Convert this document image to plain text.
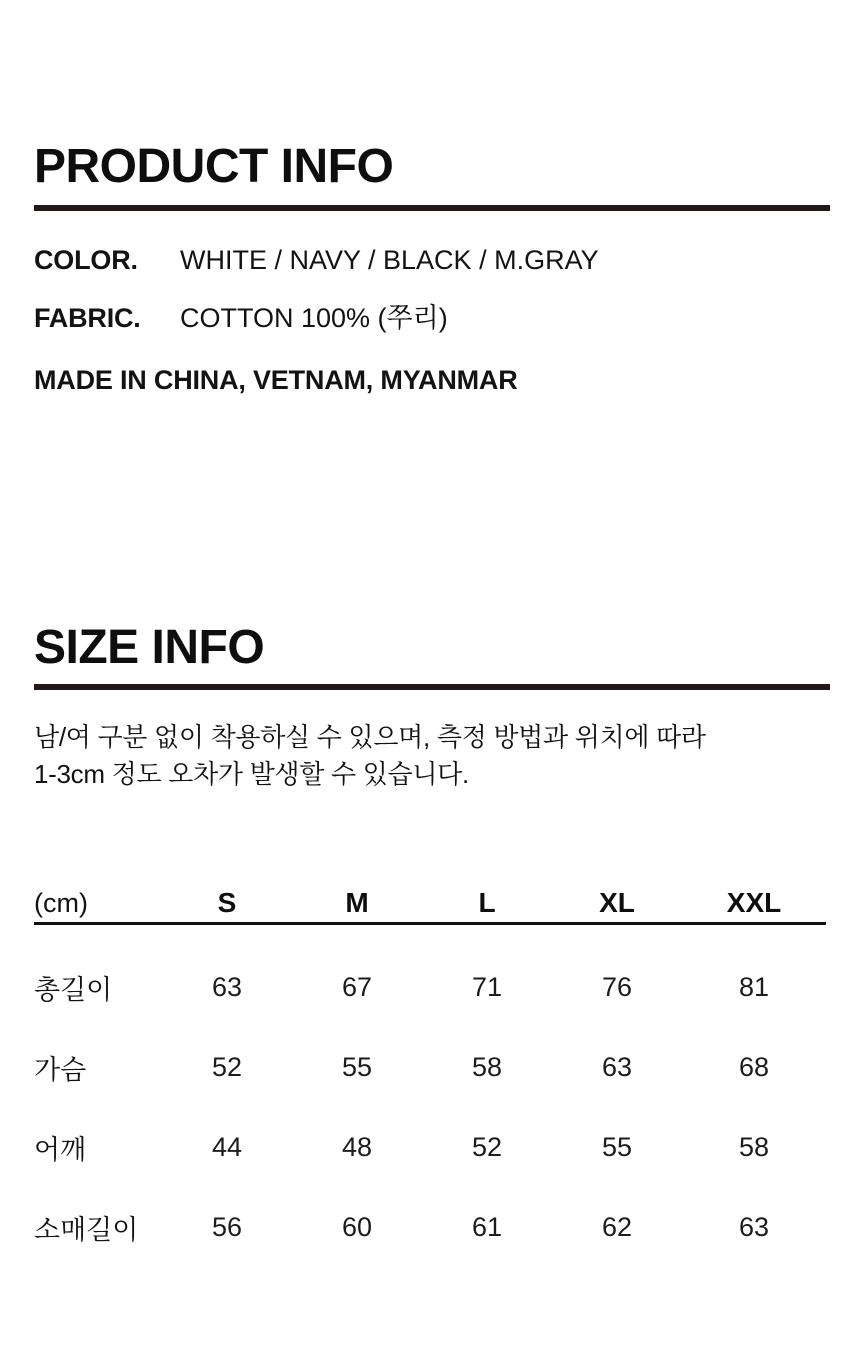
PRODUCT INFO
COLOR.	WHITE / NAVY / BLACK / M.GRAY
FABRIC.	COTTON 100% (쭈리)
MADE IN CHINA, VETNAM, MYANMAR
SIZE INFO
남/여 구분 없이 착용하실 수 있으며, 측정 방법과 위치에 따라
1-3cm 정도 오차가 발생할 수 있습니다.
(cm)	S	M	L	XL	XXL
총길이	63	67	71	76	81
가슴	52	55	58	63	68
어깨	44	48	52	55	58
소매길이	56	60	61	62	63
